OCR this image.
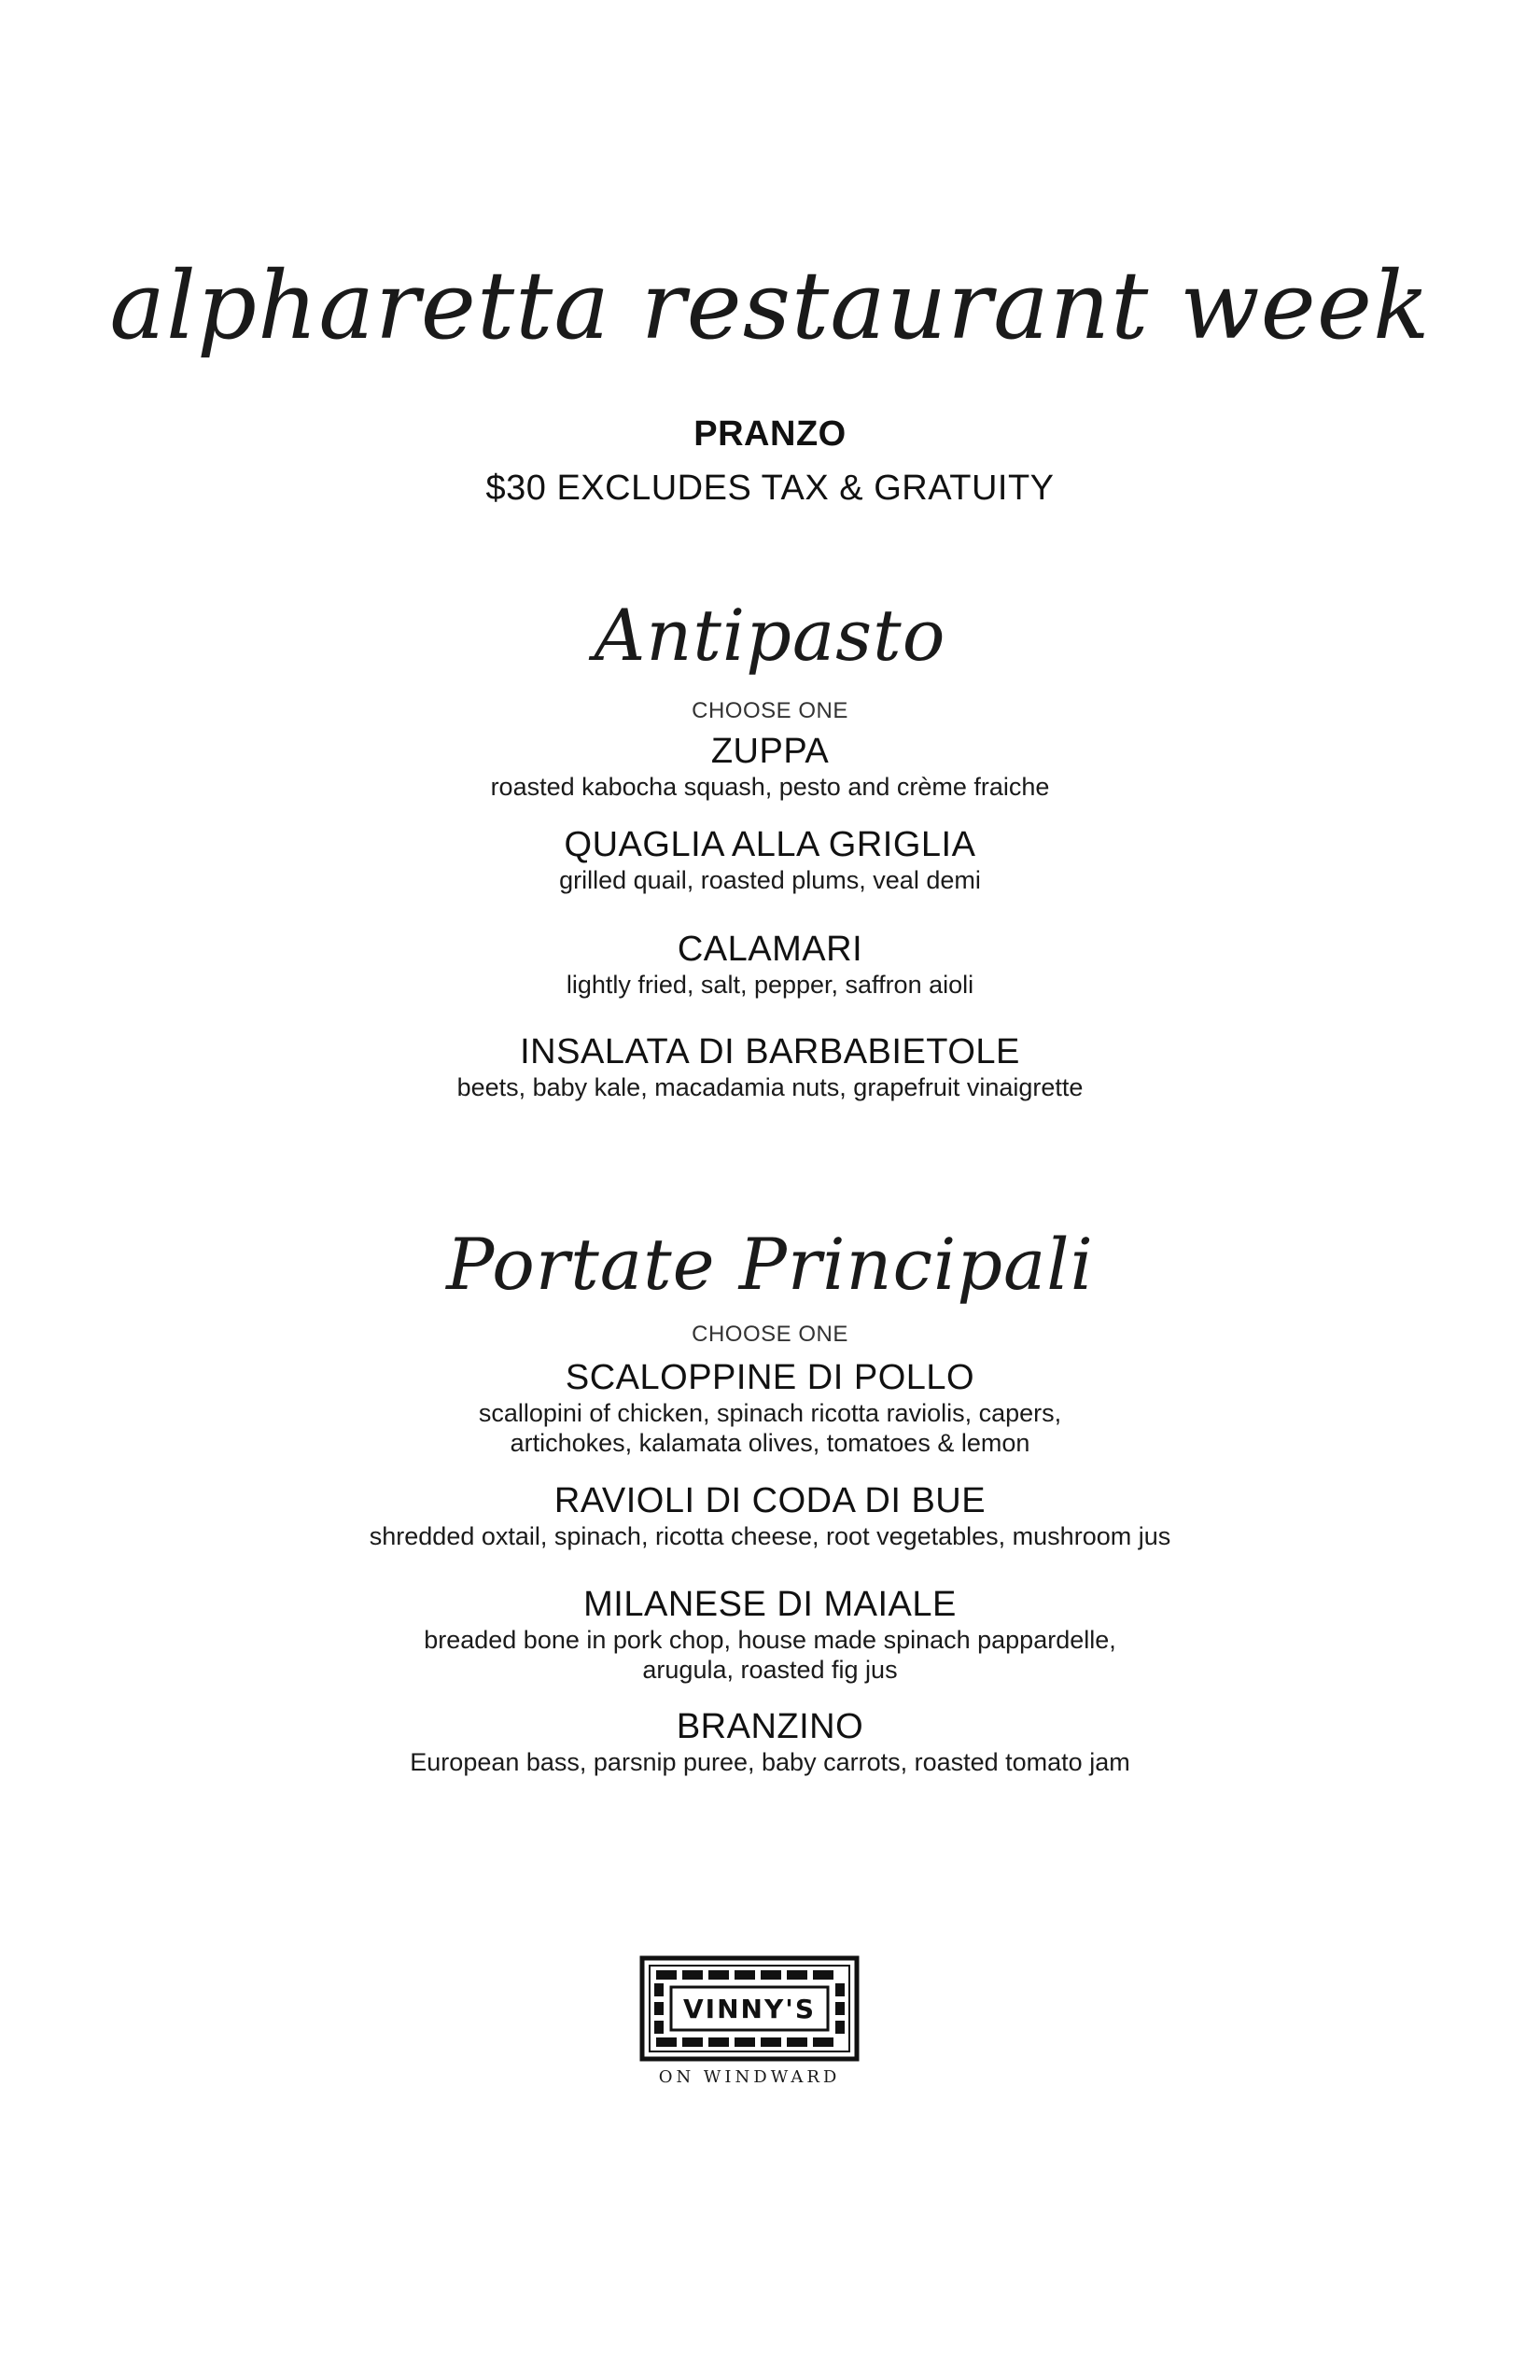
alpharetta restaurant week
PRANZO
$30 EXCLUDES TAX & GRATUITY
Antipasto
CHOOSE ONE
ZUPPA
roasted kabocha squash, pesto and crème fraiche
QUAGLIA ALLA GRIGLIA
grilled quail, roasted plums, veal demi
CALAMARI
lightly fried, salt, pepper, saffron aioli
INSALATA DI BARBABIETOLE
beets, baby kale, macadamia nuts, grapefruit vinaigrette
Portate Principali
CHOOSE ONE
SCALOPPINE DI POLLO
scallopini of chicken, spinach ricotta raviolis, capers,
artichokes, kalamata olives, tomatoes & lemon
RAVIOLI DI CODA DI BUE
shredded oxtail, spinach, ricotta cheese, root vegetables, mushroom jus
MILANESE DI MAIALE
breaded bone in pork chop, house made spinach pappardelle,
arugula, roasted fig jus
BRANZINO
European bass, parsnip puree, baby carrots, roasted tomato jam
VINNY'S
ON WINDWARD
